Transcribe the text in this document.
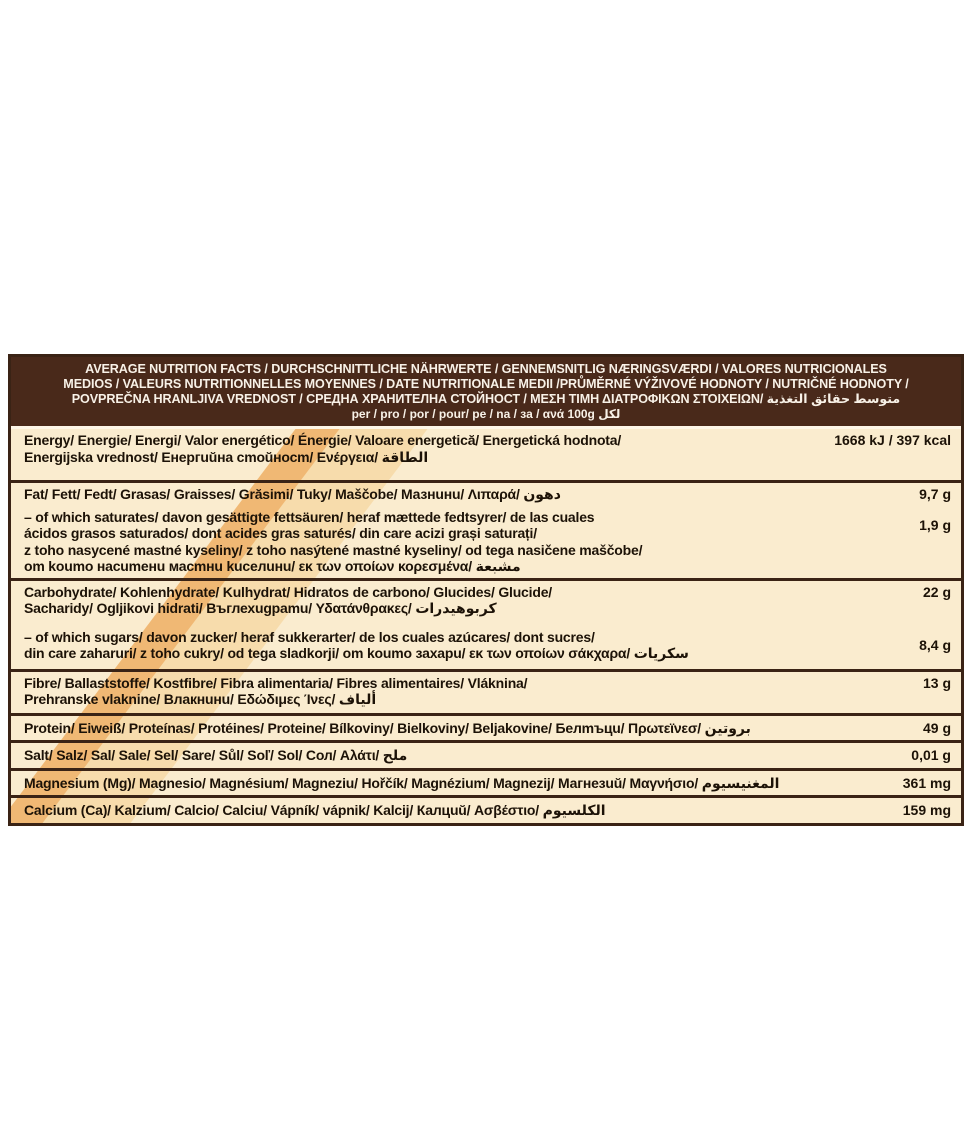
AVERAGE NUTRITION FACTS / DURCHSCHNITTLICHE NÄHRWERTE / GENNEMSNITLIG NÆRINGSVÆRDI / VALORES NUTRICIONALES
MEDIOS / VALEURS NUTRITIONNELLES MOYENNES / DATE NUTRITIONALE MEDII /PRŮMĚRNÉ VÝŽIVOVÉ HODNOTY / NUTRIČNÉ HODNOTY /
POVPREČNA HRANLJIVA VREDNOST / СРЕДНА ХРАНИТЕЛНА СТОЙНОСТ / ΜΕΣΗ ΤΙΜΗ ΔΙΑΤΡΟΦΙΚΩΝ ΣΤΟΙΧΕΙΩΝ/ متوسط حقائق التغذية
per / pro / por / pour/ pe / na / за / ανά 100g لكل
Energy/ Energie/ Energi/ Valor energético/ Énergie/ Valoare energetică/ Energetická hodnota/
Energijska vrednost/ Енергuŭна сmоŭносm/ Ενέργεια/ الطاقة
1668 kJ / 397 kcal
Fat/ Fett/ Fedt/ Grasas/ Graisses/ Grăsimi/ Tuky/ Maščobe/ Мазнuнu/ Λιπαρά/ دهون	9,7 g
– of which saturates/ davon gesättigte fettsäuren/ heraf mættede fedtsyrer/ de las cuales
ácidos grasos saturados/ dont acides gras saturés/ din care acizi grași saturați/
z toho nasycené mastné kyseliny/ z toho nasýtené mastné kyseliny/ od tega nasičene maščobe/
оm kоumо насumенu масmнu kuселuнu/ εκ των οποίων κορεσμένα/ مشبعة
1,9 g
Carbohydrate/ Kohlenhydrate/ Kulhydrat/ Hidratos de carbono/ Glucides/ Glucide/
Sacharidy/ Ogljikovi hidrati/ Въглехugраmu/ Υδατάνθρακες/ كربوهيدرات
22 g
– of which sugars/ davon zucker/ heraf sukkerarter/ de los cuales azúcares/ dont sucres/
din care zaharuri/ z toho cukry/ od tega sladkorji/ оm kоumо захарu/ εκ των οποίων σάκχαρα/ سكريات
8,4 g
Fibre/ Ballaststoffe/ Kostfibre/ Fibra alimentaria/ Fibres alimentaires/ Vláknina/
Prehranske vlaknine/ Влакнuнu/ Εδώδιμες Ίνες/ ألياف
13 g
Protein/ Eiweiß/ Proteínas/ Protéines/ Proteine/ Bílkoviny/ Bielkoviny/ Beljakovine/ Белmъцu/ Πρωτεϊνεσ/ بروتين	49 g
Salt/ Salz/ Sal/ Sale/ Sel/ Sare/ Sůl/ Soľ/ Sol/ Сол/ Αλάτι/ ملح	0,01 g
Magnesium (Mg)/ Magnesio/ Magnésium/ Magneziu/ Hořčík/ Magnézium/ Magnezij/ Магнезuŭ/ Μαγνήσιο/ المغنيسيوم	361 mg
Calcium (Ca)/ Kalzium/ Calcio/ Calciu/ Vápník/ vápnik/ Kalcij/ Калцuŭ/ Ασβέστιο/ الكلسيوم	159 mg
